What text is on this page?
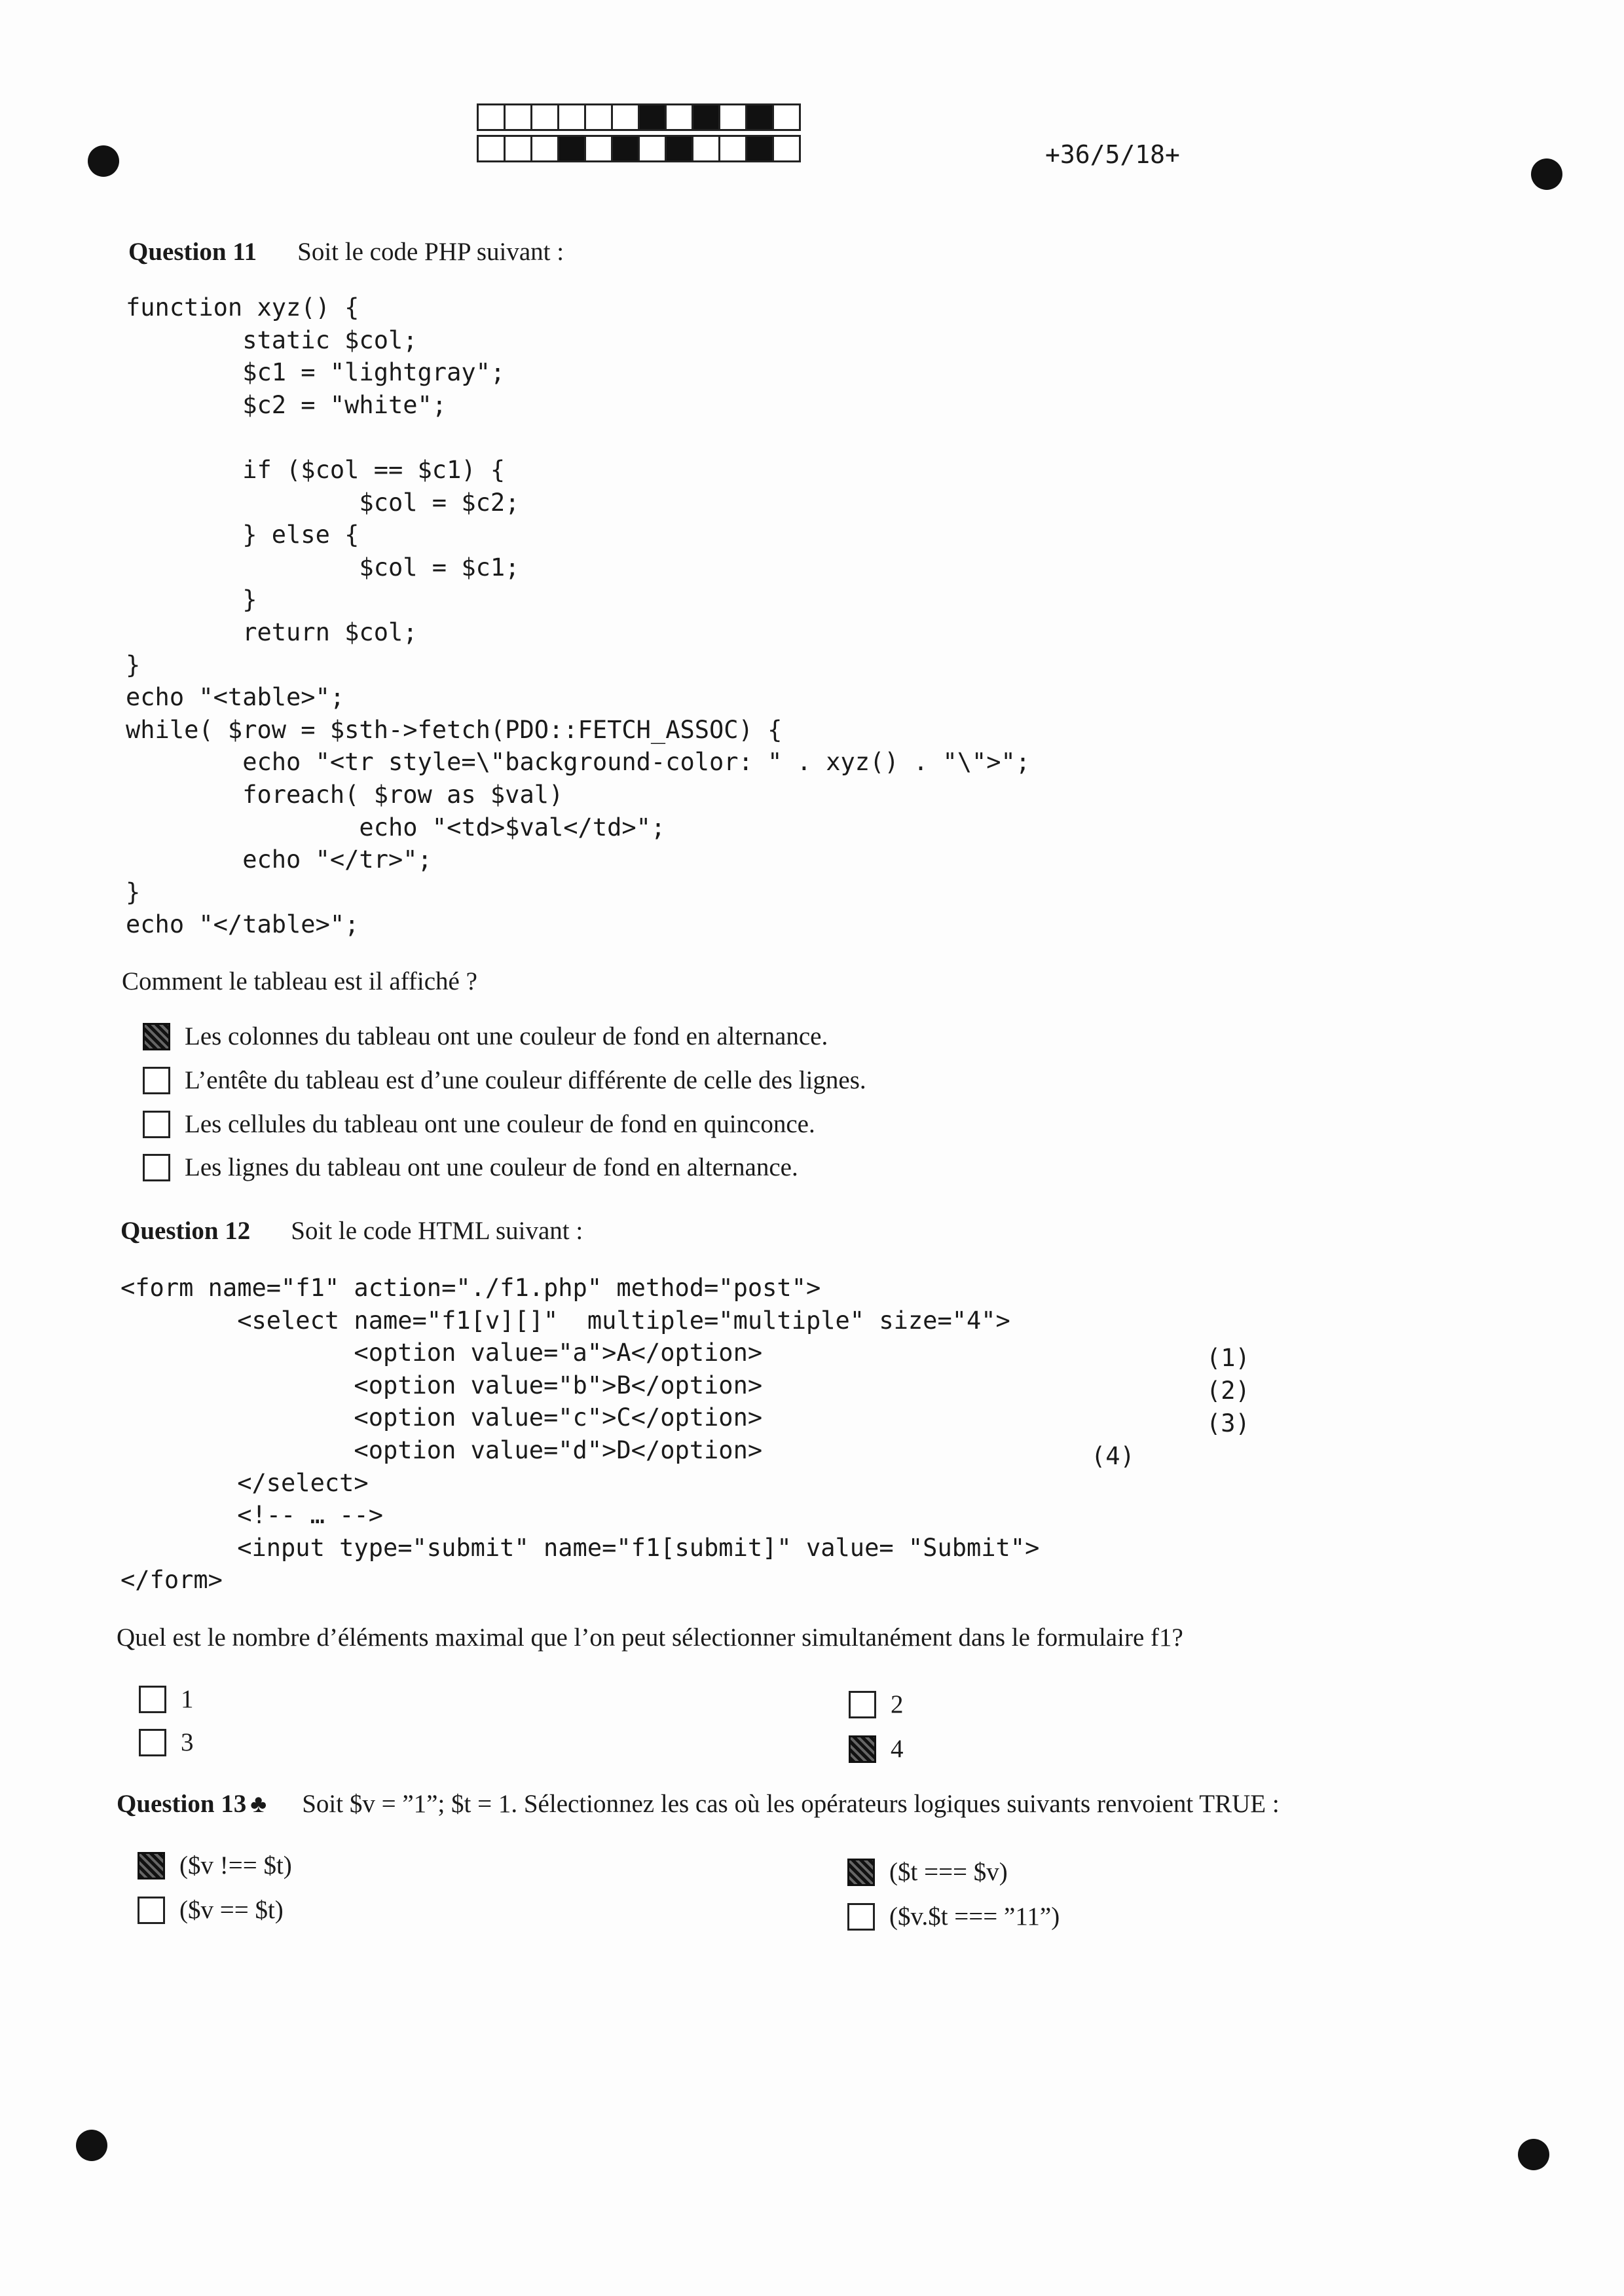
+36/5/18+
Question 11 Soit le code PHP suivant :
function xyz() {
static $col;
$c1 = "lightgray";
$c2 = "white";

if ($col == $c1) {
$col = $c2;
} else {
$col = $c1;
}
return $col;
}
echo "<table>";
while( $row = $sth->fetch(PDO::FETCH_ASSOC) {
echo "<tr style=\"background-color: " . xyz() . "\">";
foreach( $row as $val)
echo "<td>$val</td>";
echo "</tr>";
}
echo "</table>";
Comment le tableau est il affiché ?
Les colonnes du tableau ont une couleur de fond en alternance.
L’entête du tableau est d’une couleur différente de celle des lignes.
Les cellules du tableau ont une couleur de fond en quinconce.
Les lignes du tableau ont une couleur de fond en alternance.
Question 12 Soit le code HTML suivant :
<form name="f1" action="./f1.php" method="post">
<select name="f1[v][]"  multiple="multiple" size="4">
<option value="a">A</option>
<option value="b">B</option>
<option value="c">C</option>
<option value="d">D</option>
</select>
<!-- … -->
<input type="submit" name="f1[submit]" value= "Submit">
</form>
(1)
(2)
(3)
(4)
Quel est le nombre d’éléments maximal que l’on peut sélectionner simultanément dans le formulaire f1?
1	2
3	4
Question 13 ♣ Soit $v = ”1”; $t = 1. Sélectionnez les cas où les opérateurs logiques suivants renvoient TRUE :
($v !== $t)	($t === $v)
($v == $t)	($v.$t === ”11”)
